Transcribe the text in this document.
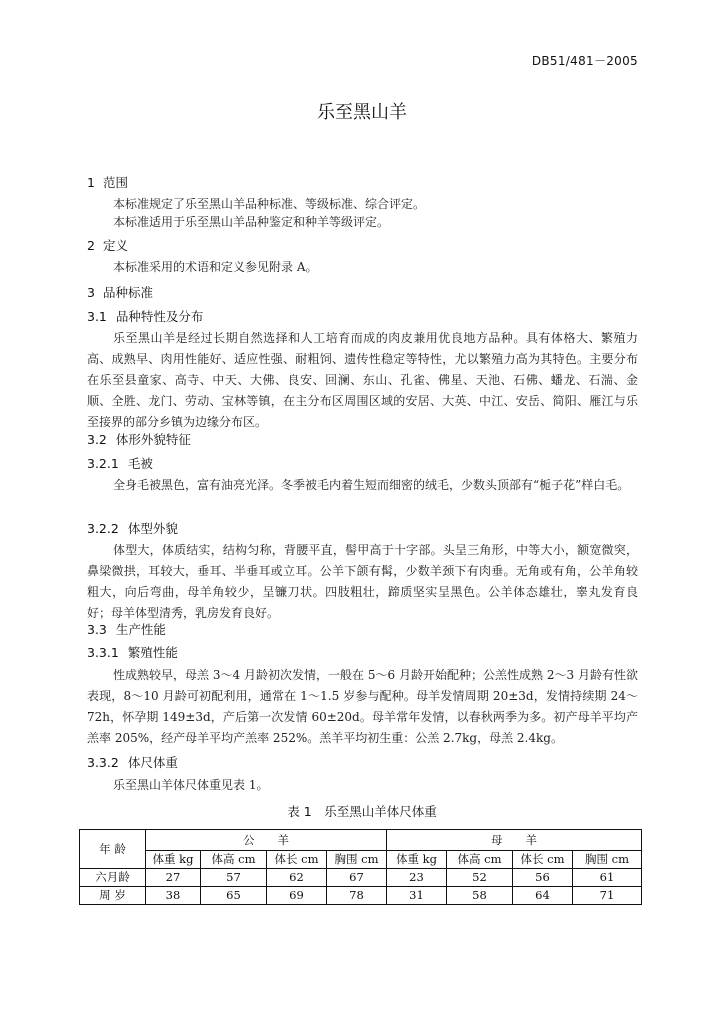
DB51/481－2005
乐至黑山羊
1 范围
本标准规定了乐至黑山羊品种标准、等级标准、综合评定。
本标准适用于乐至黑山羊品种鉴定和种羊等级评定。
2 定义
本标准采用的术语和定义参见附录 A。
3 品种标准
3.1 品种特性及分布
乐至黑山羊是经过长期自然选择和人工培育而成的肉皮兼用优良地方品种。具有体格大、繁殖力高、成熟早、肉用性能好、适应性强、耐粗饲、遗传性稳定等特性，尤以繁殖力高为其特色。主要分布在乐至县童家、高寺、中天、大佛、良安、回澜、东山、孔雀、佛星、天池、石佛、蟠龙、石湍、金顺、全胜、龙门、劳动、宝林等镇，在主分布区周围区域的安居、大英、中江、安岳、简阳、雁江与乐至接界的部分乡镇为边缘分布区。
3.2 体形外貌特征
3.2.1 毛被
全身毛被黑色，富有油亮光泽。冬季被毛内着生短而细密的绒毛，少数头顶部有“栀子花”样白毛。
3.2.2 体型外貌
体型大，体质结实，结构匀称，背腰平直，髻甲高于十字部。头呈三角形，中等大小，额宽微突，鼻梁微拱，耳较大，垂耳、半垂耳或立耳。公羊下颌有髯，少数羊颈下有肉垂。无角或有角，公羊角较粗大，向后弯曲，母羊角较少，呈镰刀状。四肢粗壮，蹄质坚实呈黑色。公羊体态雄壮，睾丸发育良好；母羊体型清秀，乳房发育良好。
3.3 生产性能
3.3.1 繁殖性能
性成熟较早，母羔 3～4 月龄初次发情，一般在 5～6 月龄开始配种；公羔性成熟 2～3 月龄有性欲表现，8～10 月龄可初配利用，通常在 1～1.5 岁参与配种。母羊发情周期 20±3d，发情持续期 24～72h，怀孕期 149±3d，产后第一次发情 60±20d。母羊常年发情，以春秋两季为多。初产母羊平均产羔率 205%，经产母羊平均产羔率 252%。羔羊平均初生重：公羔 2.7kg，母羔 2.4kg。
3.3.2 体尺体重
乐至黑山羊体尺体重见表 1。
表 1　乐至黑山羊体尺体重
年 龄	公　　羊				母　　羊			
	体重 kg	体高 cm	体长 cm	胸围 cm	体重 kg	体高 cm	体长 cm	胸围 cm
六月龄	27	57	62	67	23	52	56	61
周 岁	38	65	69	78	31	58	64	71
